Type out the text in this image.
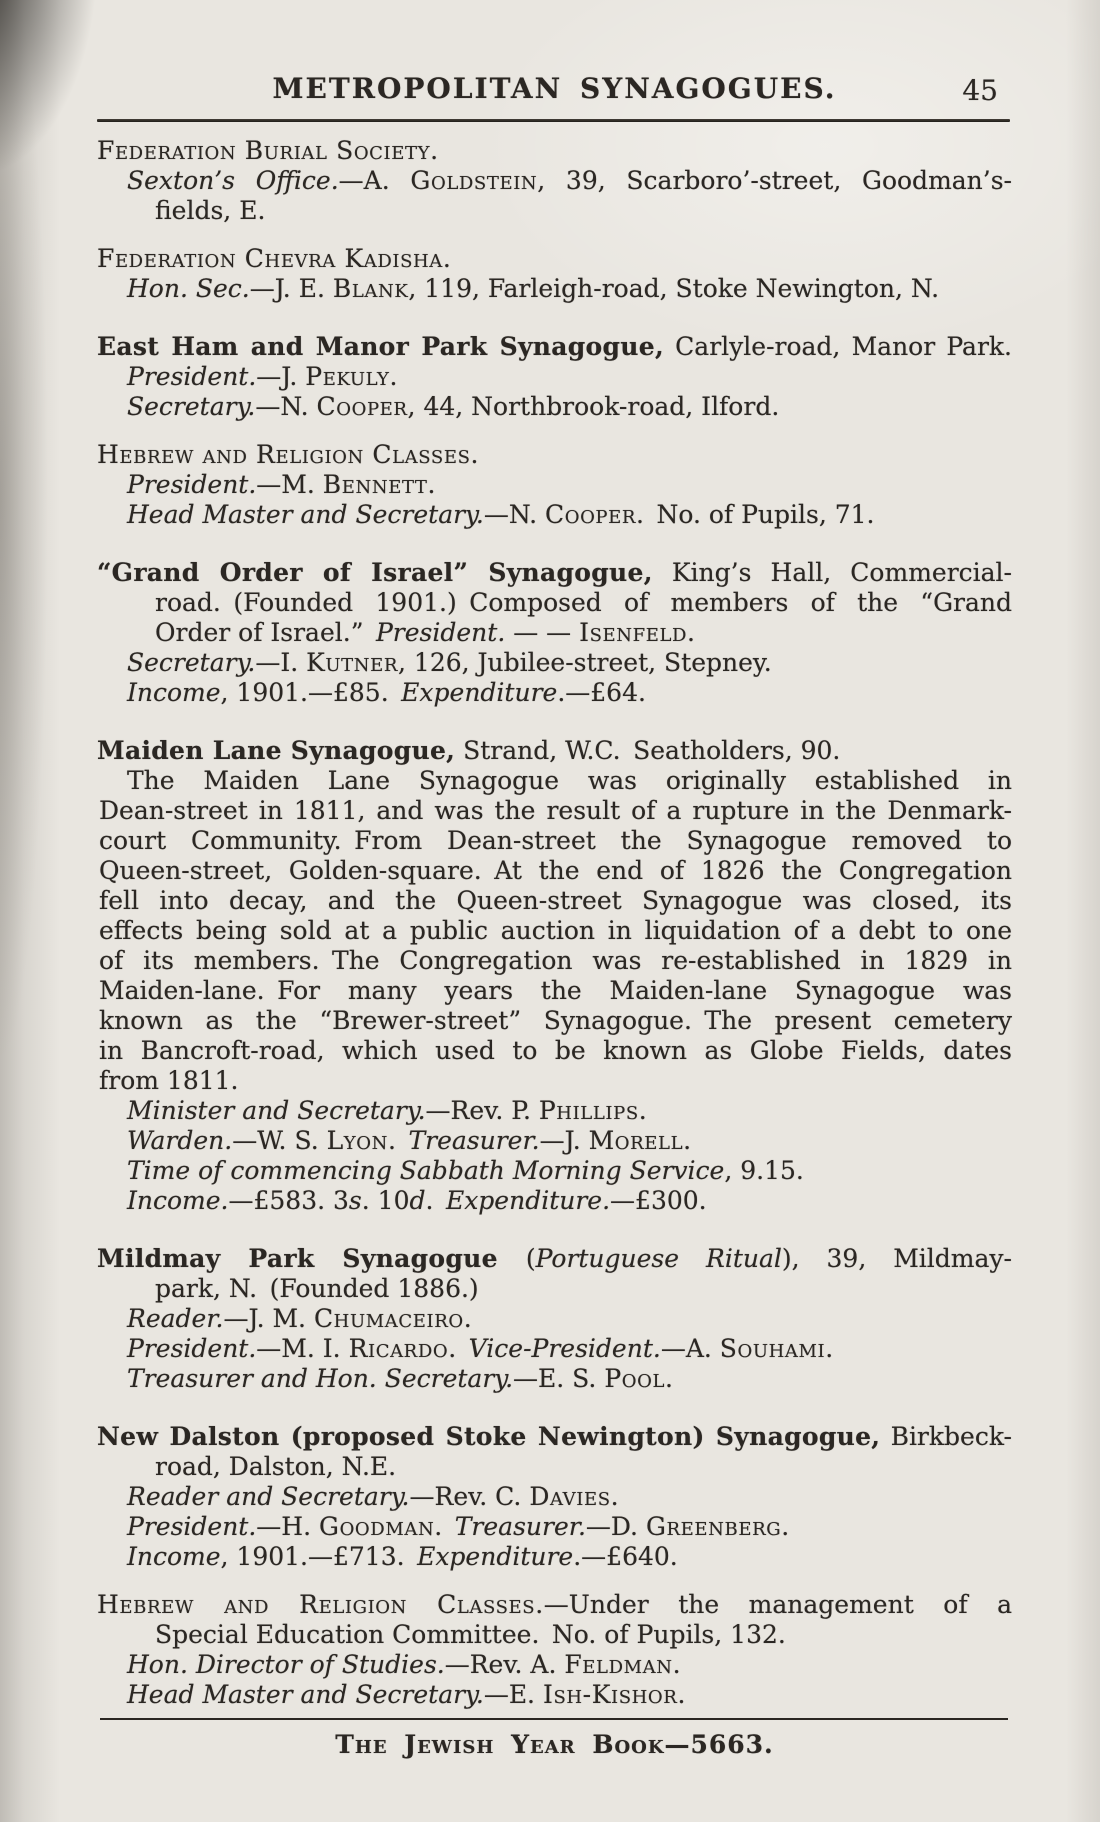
METROPOLITAN SYNAGOGUES.	45
Federation Burial Society.
Sexton’s Office.—A. Goldstein, 39, Scarboro’-street, Goodman’s-
fields, E.
Federation Chevra Kadisha.
Hon. Sec.—J. E. Blank, 119, Farleigh-road, Stoke Newington, N.
East Ham and Manor Park Synagogue, Carlyle-road, Manor Park.
President.—J. Pekuly.
Secretary.—N. Cooper, 44, Northbrook-road, Ilford.
Hebrew and Religion Classes.
President.—M. Bennett.
Head Master and Secretary.—N. Cooper. No. of Pupils, 71.
“Grand Order of Israel” Synagogue, King’s Hall, Commercial-
road. (Founded 1901.) Composed of members of the “Grand
Order of Israel.” President. — — Isenfeld.
Secretary.—I. Kutner, 126, Jubilee-street, Stepney.
Income, 1901.—£85. Expenditure.—£64.
Maiden Lane Synagogue, Strand, W.C. Seatholders, 90.
The Maiden Lane Synagogue was originally established in
Dean-street in 1811, and was the result of a rupture in the Denmark-
court Community. From Dean-street the Synagogue removed to
Queen-street, Golden-square. At the end of 1826 the Congregation
fell into decay, and the Queen-street Synagogue was closed, its
effects being sold at a public auction in liquidation of a debt to one
of its members. The Congregation was re-established in 1829 in
Maiden-lane. For many years the Maiden-lane Synagogue was
known as the “Brewer-street” Synagogue. The present cemetery
in Bancroft-road, which used to be known as Globe Fields, dates
from 1811.
Minister and Secretary.—Rev. P. Phillips.
Warden.—W. S. Lyon. Treasurer.—J. Morell.
Time of commencing Sabbath Morning Service, 9.15.
Income.—£583. 3s. 10d. Expenditure.—£300.
Mildmay Park Synagogue (Portuguese Ritual), 39, Mildmay-
park, N. (Founded 1886.)
Reader.—J. M. Chumaceiro.
President.—M. I. Ricardo. Vice-President.—A. Souhami.
Treasurer and Hon. Secretary.—E. S. Pool.
New Dalston (proposed Stoke Newington) Synagogue, Birkbeck-
road, Dalston, N.E.
Reader and Secretary.—Rev. C. Davies.
President.—H. Goodman. Treasurer.—D. Greenberg.
Income, 1901.—£713. Expenditure.—£640.
Hebrew and Religion Classes.—Under the management of a
Special Education Committee. No. of Pupils, 132.
Hon. Director of Studies.—Rev. A. Feldman.
Head Master and Secretary.—E. Ish-Kishor.
The Jewish Year Book—5663.
